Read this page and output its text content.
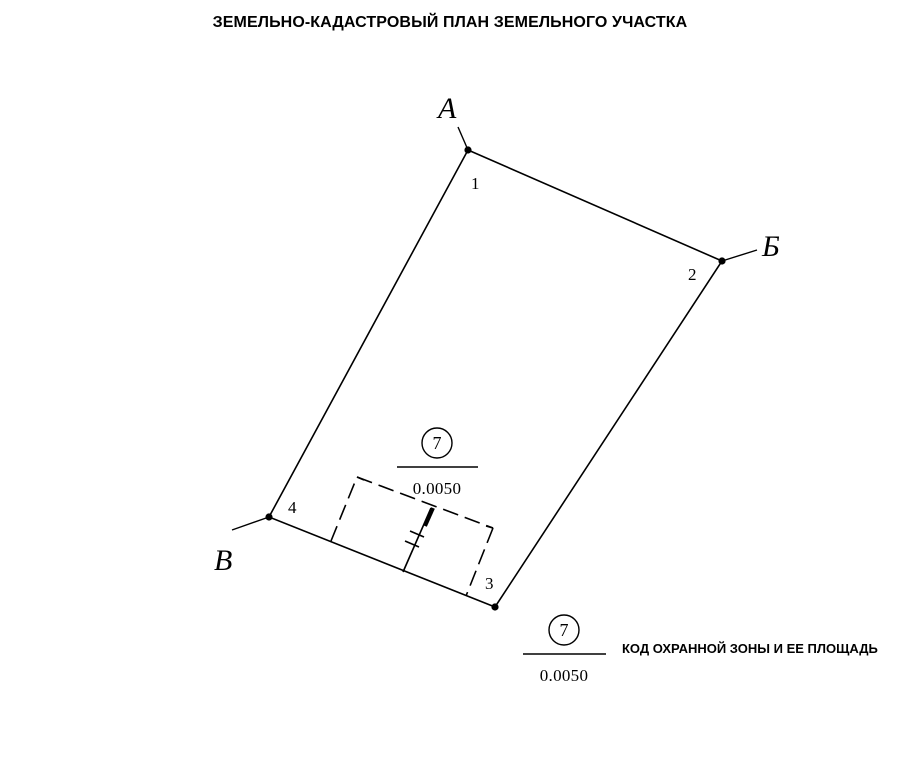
ЗЕМЕЛЬНО-КАДАСТРОВЫЙ ПЛАН ЗЕМЕЛЬНОГО УЧАСТКА
А
Б
В
1
2
3
4
7
0.0050
7
0.0050
КОД ОХРАННОЙ ЗОНЫ И ЕЕ ПЛОЩАДЬ
